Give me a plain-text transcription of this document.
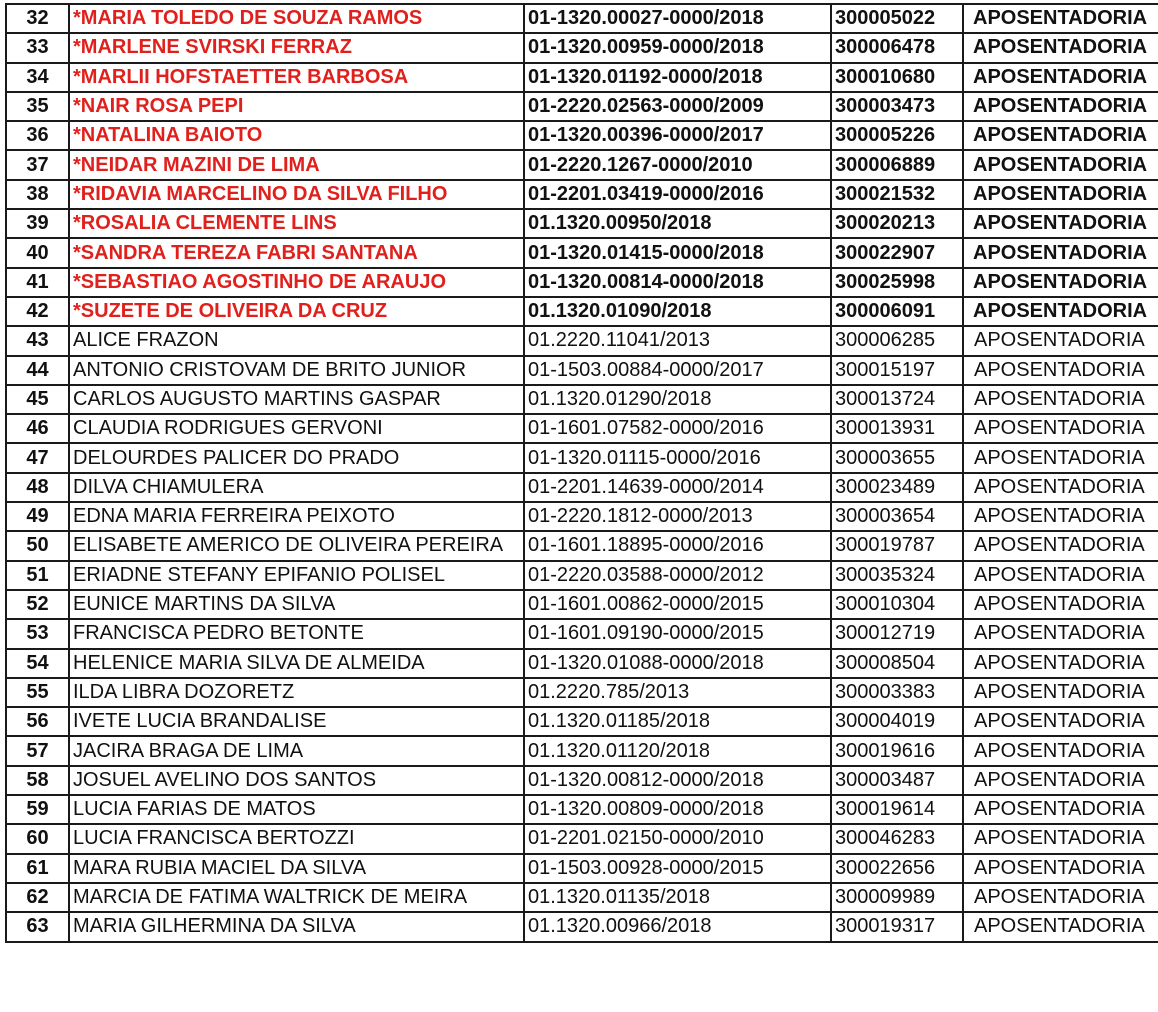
32	*MARIA TOLEDO DE SOUZA RAMOS	01-1320.00027-0000/2018	300005022	APOSENTADORIA
33	*MARLENE SVIRSKI FERRAZ	01-1320.00959-0000/2018	300006478	APOSENTADORIA
34	*MARLII HOFSTAETTER BARBOSA	01-1320.01192-0000/2018	300010680	APOSENTADORIA
35	*NAIR ROSA PEPI	01-2220.02563-0000/2009	300003473	APOSENTADORIA
36	*NATALINA BAIOTO	01-1320.00396-0000/2017	300005226	APOSENTADORIA
37	*NEIDAR MAZINI DE LIMA	01-2220.1267-0000/2010	300006889	APOSENTADORIA
38	*RIDAVIA MARCELINO DA SILVA FILHO	01-2201.03419-0000/2016	300021532	APOSENTADORIA
39	*ROSALIA CLEMENTE LINS	01.1320.00950/2018	300020213	APOSENTADORIA
40	*SANDRA TEREZA FABRI SANTANA	01-1320.01415-0000/2018	300022907	APOSENTADORIA
41	*SEBASTIAO AGOSTINHO DE ARAUJO	01-1320.00814-0000/2018	300025998	APOSENTADORIA
42	*SUZETE DE OLIVEIRA DA CRUZ	01.1320.01090/2018	300006091	APOSENTADORIA
43	ALICE FRAZON	01.2220.11041/2013	300006285	APOSENTADORIA
44	ANTONIO CRISTOVAM DE BRITO JUNIOR	01-1503.00884-0000/2017	300015197	APOSENTADORIA
45	CARLOS AUGUSTO MARTINS GASPAR	01.1320.01290/2018	300013724	APOSENTADORIA
46	CLAUDIA RODRIGUES GERVONI	01-1601.07582-0000/2016	300013931	APOSENTADORIA
47	DELOURDES PALICER DO PRADO	01-1320.01115-0000/2016	300003655	APOSENTADORIA
48	DILVA CHIAMULERA	01-2201.14639-0000/2014	300023489	APOSENTADORIA
49	EDNA MARIA FERREIRA PEIXOTO	01-2220.1812-0000/2013	300003654	APOSENTADORIA
50	ELISABETE AMERICO DE OLIVEIRA PEREIRA	01-1601.18895-0000/2016	300019787	APOSENTADORIA
51	ERIADNE STEFANY EPIFANIO POLISEL	01-2220.03588-0000/2012	300035324	APOSENTADORIA
52	EUNICE MARTINS DA SILVA	01-1601.00862-0000/2015	300010304	APOSENTADORIA
53	FRANCISCA PEDRO BETONTE	01-1601.09190-0000/2015	300012719	APOSENTADORIA
54	HELENICE MARIA SILVA DE ALMEIDA	01-1320.01088-0000/2018	300008504	APOSENTADORIA
55	ILDA LIBRA DOZORETZ	01.2220.785/2013	300003383	APOSENTADORIA
56	IVETE LUCIA BRANDALISE	01.1320.01185/2018	300004019	APOSENTADORIA
57	JACIRA BRAGA DE LIMA	01.1320.01120/2018	300019616	APOSENTADORIA
58	JOSUEL AVELINO DOS SANTOS	01-1320.00812-0000/2018	300003487	APOSENTADORIA
59	LUCIA FARIAS DE MATOS	01-1320.00809-0000/2018	300019614	APOSENTADORIA
60	LUCIA FRANCISCA BERTOZZI	01-2201.02150-0000/2010	300046283	APOSENTADORIA
61	MARA RUBIA MACIEL DA SILVA	01-1503.00928-0000/2015	300022656	APOSENTADORIA
62	MARCIA DE FATIMA WALTRICK DE MEIRA	01.1320.01135/2018	300009989	APOSENTADORIA
63	MARIA GILHERMINA DA SILVA	01.1320.00966/2018	300019317	APOSENTADORIA
